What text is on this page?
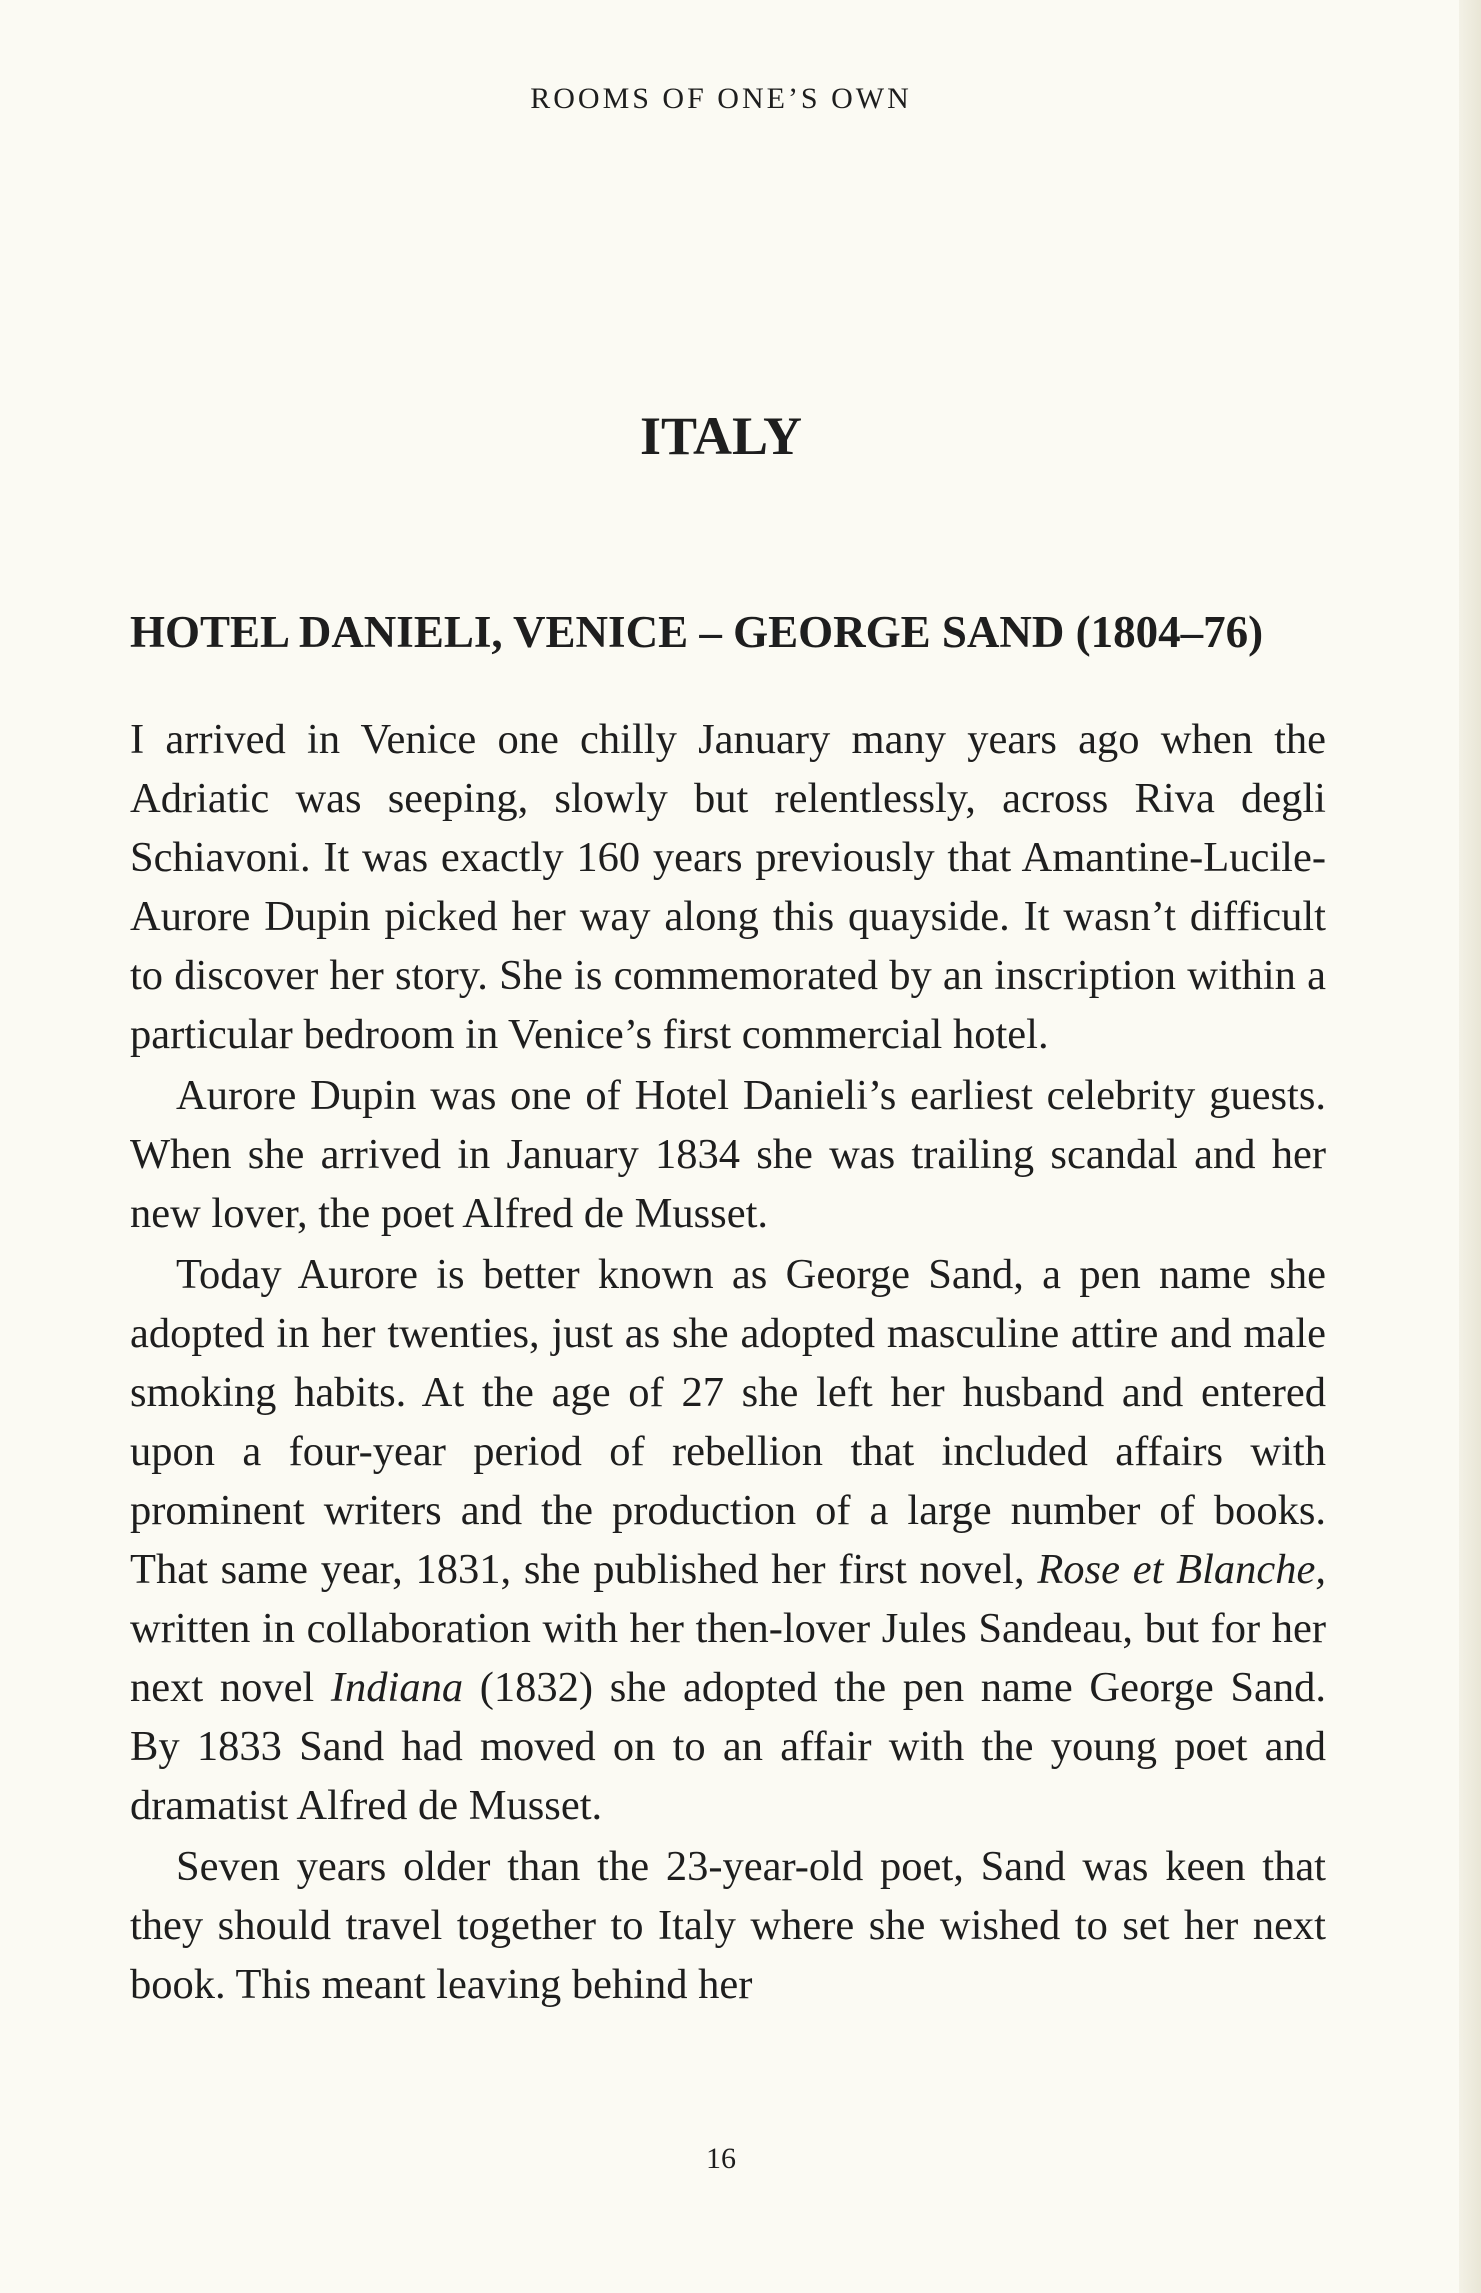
ROOMS OF ONE’S OWN
ITALY
HOTEL DANIELI, VENICE – GEORGE SAND (1804–76)

I arrived in Venice one chilly January many years ago when the Adriatic was seeping, slowly but relentlessly, across Riva degli Schiavoni. It was exactly 160 years previously that Amantine-Lucile-Aurore Dupin picked her way along this quayside. It wasn’t difficult to discover her story. She is commemorated by an inscription within a particular bedroom in Venice’s first commercial hotel.

Aurore Dupin was one of Hotel Danieli’s earliest celebrity guests. When she arrived in January 1834 she was trailing scandal and her new lover, the poet Alfred de Musset.

Today Aurore is better known as George Sand, a pen name she adopted in her twenties, just as she adopted masculine attire and male smoking habits. At the age of 27 she left her husband and entered upon a four-year period of rebellion that included affairs with prominent writers and the production of a large number of books. That same year, 1831, she published her first novel, Rose et Blanche, written in collaboration with her then-lover Jules Sandeau, but for her next novel Indiana (1832) she adopted the pen name George Sand. By 1833 Sand had moved on to an affair with the young poet and dramatist Alfred de Musset.

Seven years older than the 23-year-old poet, Sand was keen that they should travel together to Italy where she wished to set her next book. This meant leaving behind her

16
